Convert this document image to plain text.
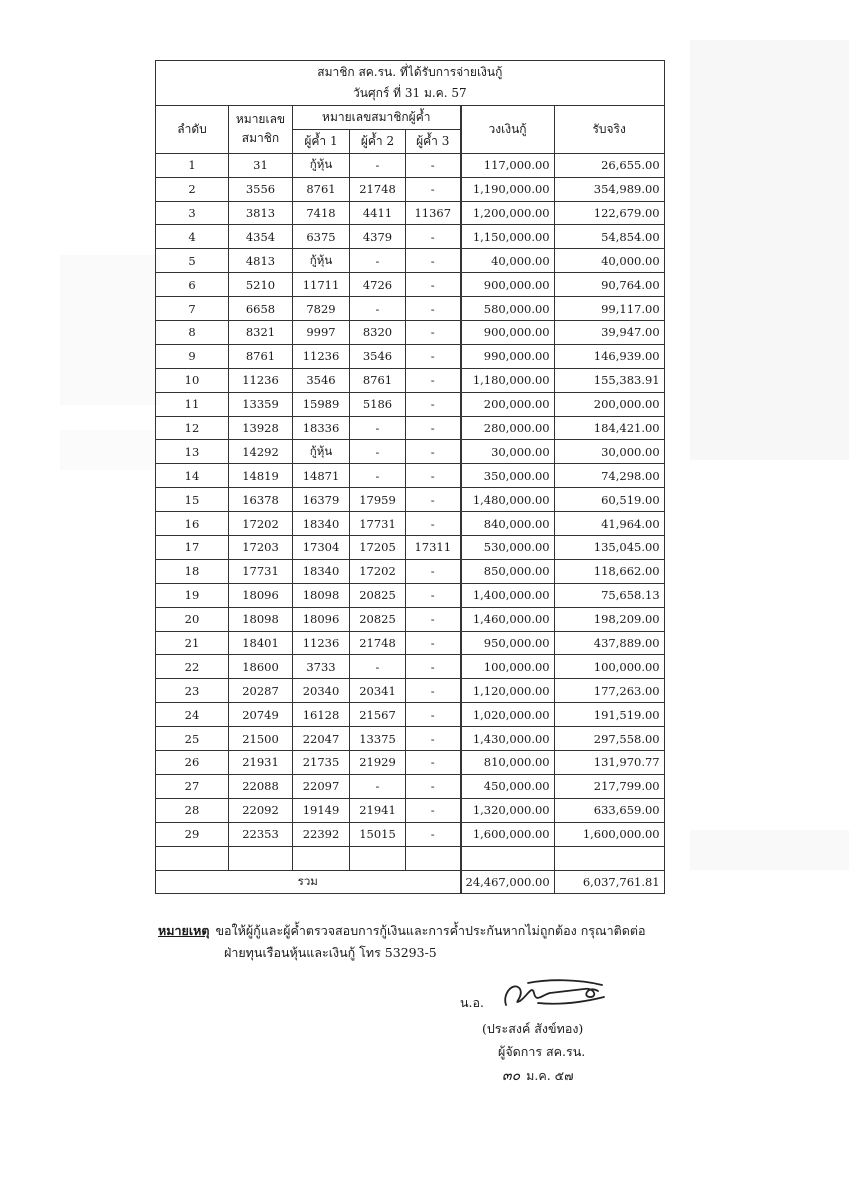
สมาชิก สค.รน. ที่ได้รับการจ่ายเงินกู้
วันศุกร์ ที่ 31 ม.ค. 57						

ลำดับ	หมายเลข
สมาชิก	หมายเลขสมาชิกผู้ค้ำ			วงเงินกู้	รับจริง
		ผู้ค้ำ 1	ผู้ค้ำ 2	ผู้ค้ำ 3		
1	31	กู้หุ้น	-	-	117,000.00	26,655.00
2	3556	8761	21748	-	1,190,000.00	354,989.00
3	3813	7418	4411	11367	1,200,000.00	122,679.00
4	4354	6375	4379	-	1,150,000.00	54,854.00
5	4813	กู้หุ้น	-	-	40,000.00	40,000.00
6	5210	11711	4726	-	900,000.00	90,764.00
7	6658	7829	-	-	580,000.00	99,117.00
8	8321	9997	8320	-	900,000.00	39,947.00
9	8761	11236	3546	-	990,000.00	146,939.00
10	11236	3546	8761	-	1,180,000.00	155,383.91
11	13359	15989	5186	-	200,000.00	200,000.00
12	13928	18336	-	-	280,000.00	184,421.00
13	14292	กู้หุ้น	-	-	30,000.00	30,000.00
14	14819	14871	-	-	350,000.00	74,298.00
15	16378	16379	17959	-	1,480,000.00	60,519.00
16	17202	18340	17731	-	840,000.00	41,964.00
17	17203	17304	17205	17311	530,000.00	135,045.00
18	17731	18340	17202	-	850,000.00	118,662.00
19	18096	18098	20825	-	1,400,000.00	75,658.13
20	18098	18096	20825	-	1,460,000.00	198,209.00
21	18401	11236	21748	-	950,000.00	437,889.00
22	18600	3733	-	-	100,000.00	100,000.00
23	20287	20340	20341	-	1,120,000.00	177,263.00
24	20749	16128	21567	-	1,020,000.00	191,519.00
25	21500	22047	13375	-	1,430,000.00	297,558.00
26	21931	21735	21929	-	810,000.00	131,970.77
27	22088	22097	-	-	450,000.00	217,799.00
28	22092	19149	21941	-	1,320,000.00	633,659.00
29	22353	22392	15015	-	1,600,000.00	1,600,000.00

รวม					24,467,000.00	6,037,761.81
หมายเหตุ ขอให้ผู้กู้และผู้ค้ำตรวจสอบการกู้เงินและการค้ำประกันหากไม่ถูกต้อง กรุณาติดต่อ
ฝ่ายทุนเรือนหุ้นและเงินกู้ โทร 53293-5
น.อ.
(ประสงค์ สังข์ทอง)
ผู้จัดการ สค.รน.
๓๐ ม.ค. ๕๗
